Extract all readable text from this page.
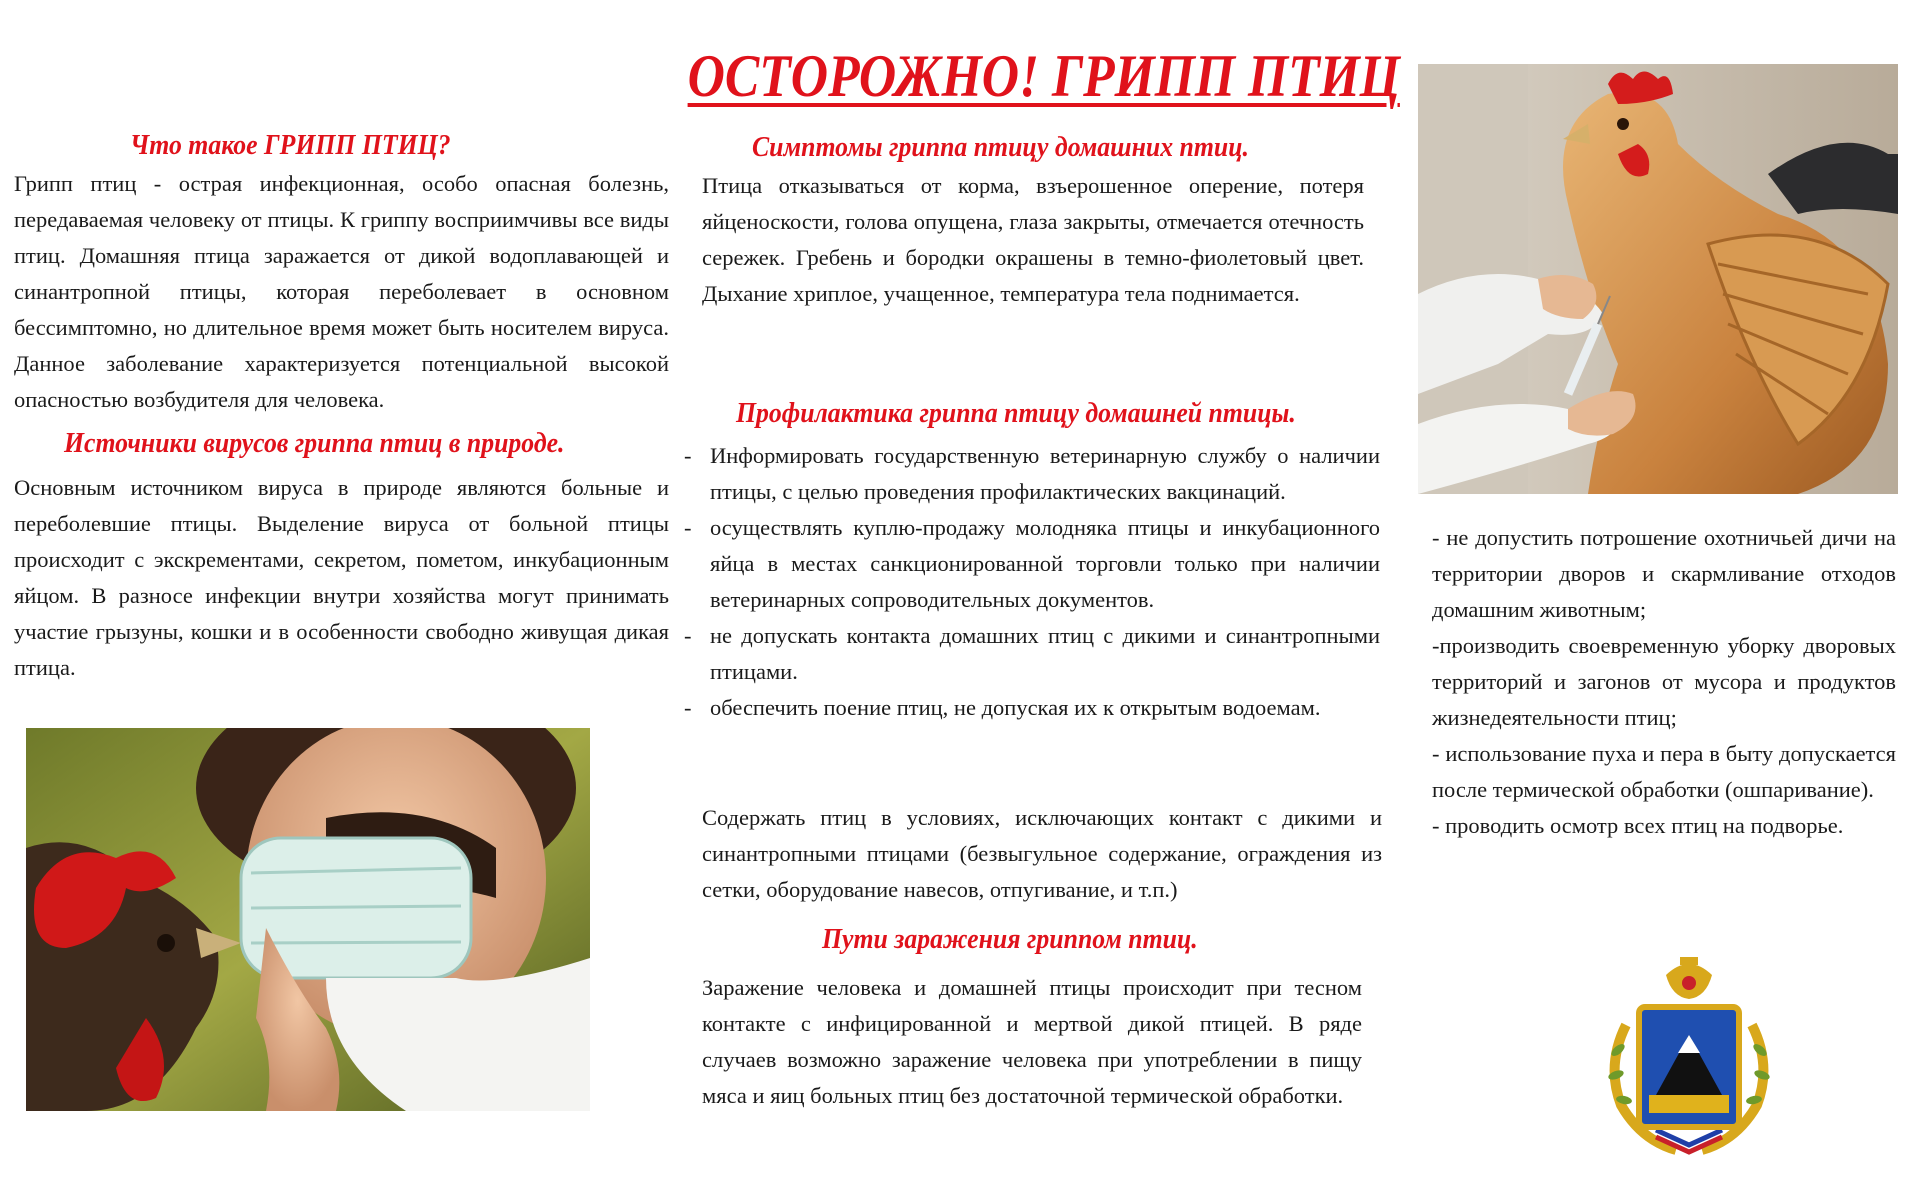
ОСТОРОЖНО! ГРИПП ПТИЦ
Что такое ГРИПП ПТИЦ?
Грипп птиц - острая инфекционная, особо опасная болезнь, передаваемая человеку от птицы. К гриппу восприимчивы все виды птиц. Домашняя птица заражается от дикой водоплавающей и синантропной птицы, которая переболевает в основном бессимптомно, но длительное время может быть носителем вируса. Данное заболевание характеризуется потенциальной высокой опасностью возбудителя для человека.
Источники вирусов гриппа птиц в природе.
Основным источником вируса в природе являются больные и переболевшие птицы. Выделение вируса от больной птицы происходит с экскрементами, секретом, пометом, инкубационным яйцом. В разносе инфекции внутри хозяйства могут принимать участие грызуны, кошки и в особенности свободно живущая дикая птица.
Симптомы гриппа птицу домашних птиц.
Птица отказываться от корма, взъерошенное оперение, потеря яйценоскости, голова опущена, глаза закрыты, отмечается отечность сережек. Гребень и бородки окрашены в темно-фиолетовый цвет. Дыхание хриплое, учащенное, температура тела поднимается.
Профилактика гриппа птицу домашней птицы.
- Информировать государственную ветеринарную службу о наличии птицы, с целью проведения профилактических вакцинаций.
- осуществлять куплю-продажу молодняка птицы и инкубационного яйца в местах санкционированной торговли только при наличии ветеринарных сопроводительных документов.
- не допускать контакта домашних птиц с дикими и синантропными птицами.
- обеспечить поение птиц, не допуская их к открытым водоемам.
Содержать птиц в условиях, исключающих контакт с дикими и синантропными птицами (безвыгульное содержание, ограждения из сетки, оборудование навесов, отпугивание, и т.п.)
Пути заражения гриппом птиц.
Заражение человека и домашней птицы происходит при тесном контакте с инфицированной и мертвой дикой птицей. В ряде случаев возможно заражение человека при употреблении в пищу мяса и яиц больных птиц без достаточной термической обработки.
- не допустить потрошение охотничьей дичи на территории дворов и скармливание отходов домашним животным;
-производить своевременную уборку дворовых территорий и загонов от мусора и продуктов жизнедеятельности птиц;
- использование пуха и пера в быту допускается после термической обработки (ошпаривание).
- проводить осмотр всех птиц на подворье.
